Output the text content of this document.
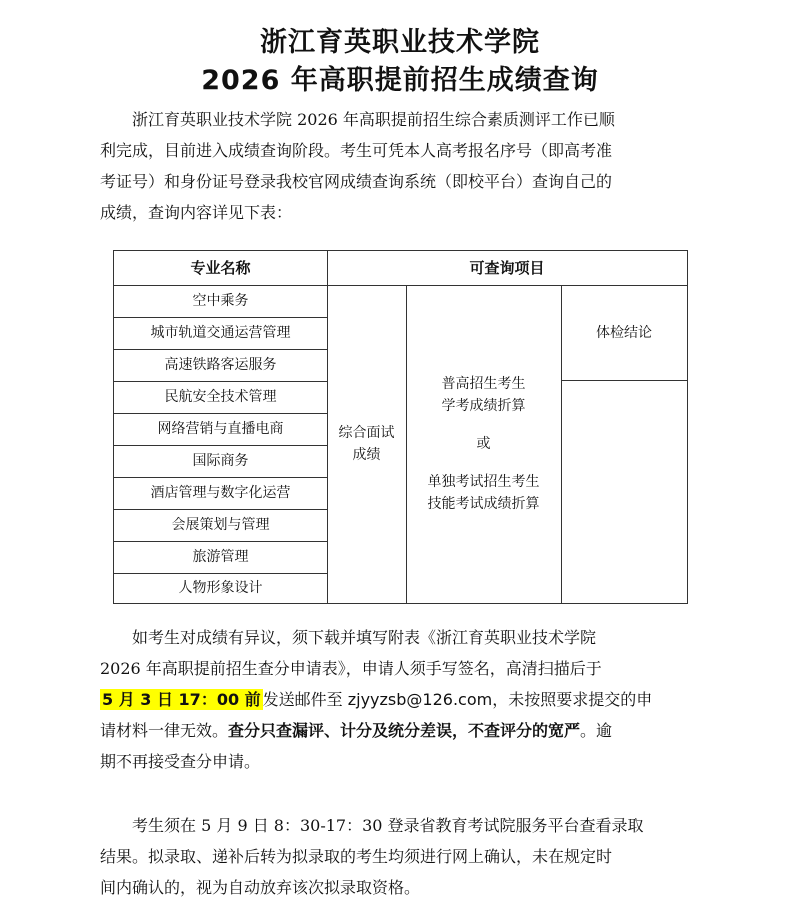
浙江育英职业技术学院
2026 年高职提前招生成绩查询

浙江育英职业技术学院 2026 年高职提前招生综合素质测评工作已顺
利完成，目前进入成绩查询阶段。考生可凭本人高考报名序号（即高考准
考证号）和身份证号登录我校官网成绩查询系统（即校平台）查询自己的
成绩，查询内容详见下表：

专业名称	可查询项目
空中乘务
城市轨道交通运营管理
高速铁路客运服务
民航安全技术管理
网络营销与直播电商
国际商务
酒店管理与数字化运营
会展策划与管理
旅游管理
人物形象设计
综合面试
成绩
普高招生考生
学考成绩折算
或
单独考试招生考生
技能考试成绩折算
体检结论

如考生对成绩有异议，须下载并填写附表《浙江育英职业技术学院
2026 年高职提前招生查分申请表》，申请人须手写签名，高清扫描后于
5 月 3 日 17：00 前 发送邮件至 zjyyzsb@126.com，未按照要求提交的申
请材料一律无效。查分只查漏评、计分及统分差误，不查评分的宽严。逾
期不再接受查分申请。

考生须在 5 月 9 日 8：30-17：30 登录省教育考试院服务平台查看录取
结果。拟录取、递补后转为拟录取的考生均须进行网上确认，未在规定时
间内确认的，视为自动放弃该次拟录取资格。
